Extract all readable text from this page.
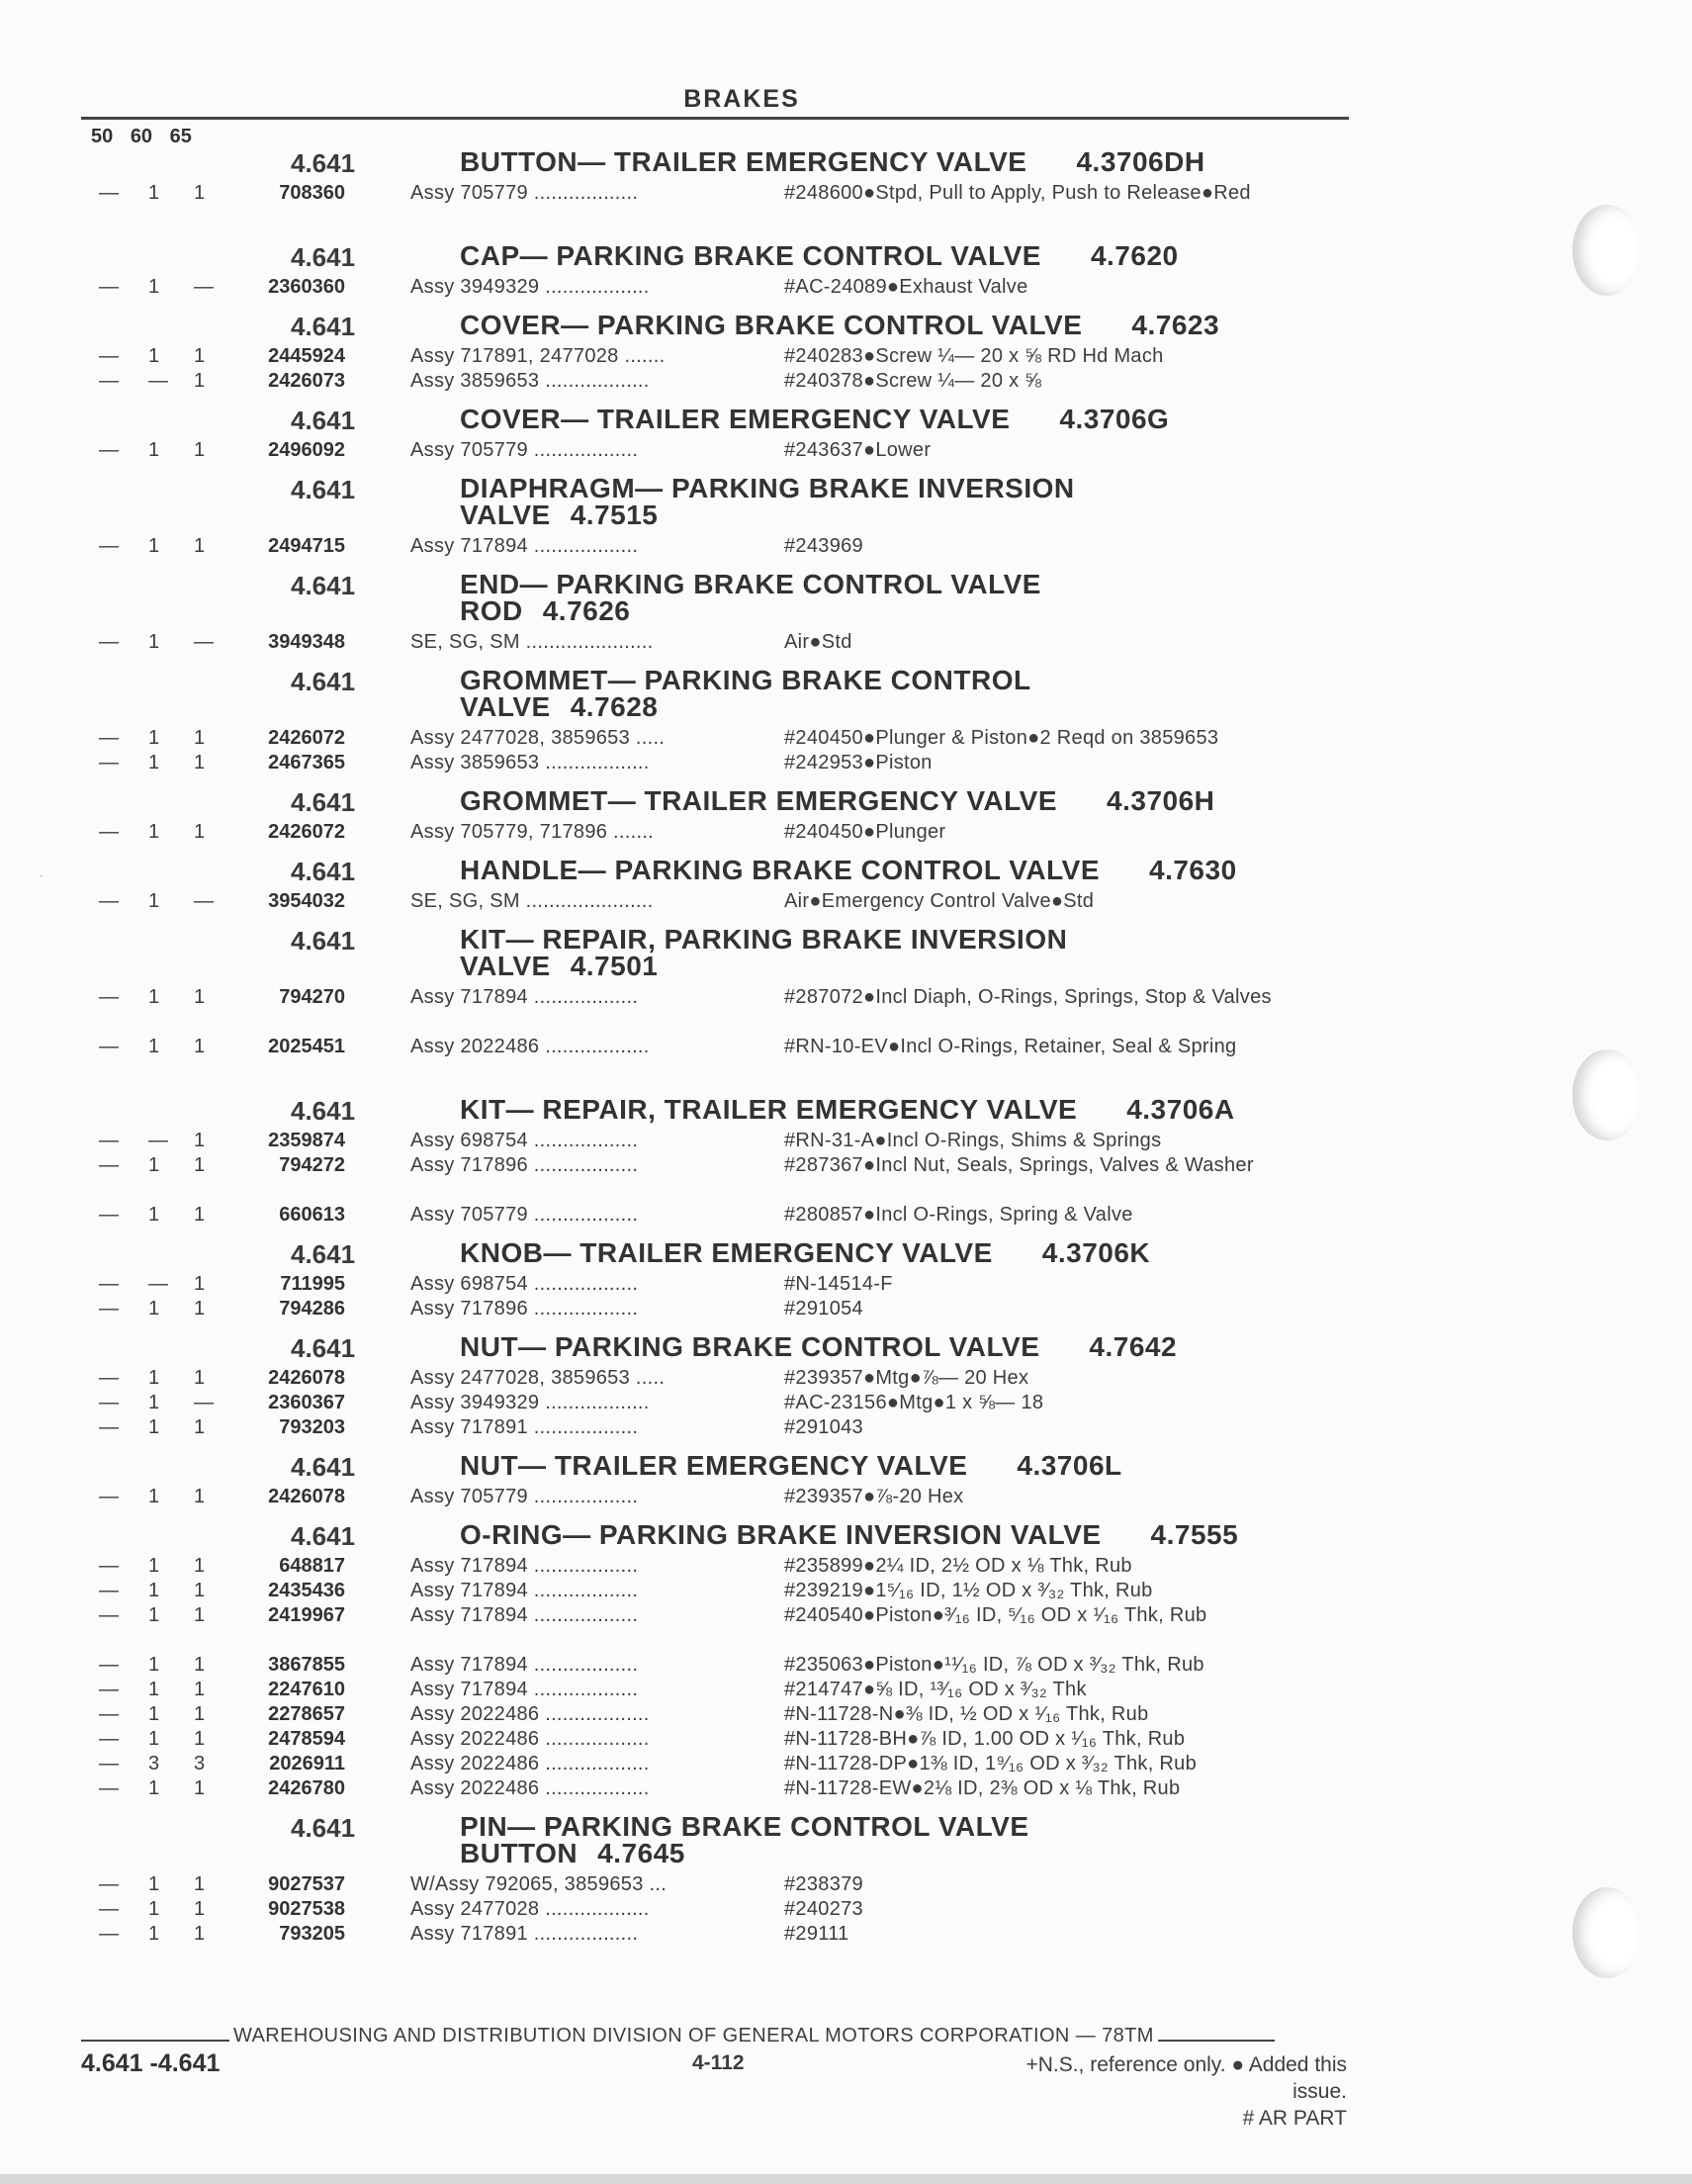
BRAKES
50 60 65
4.641	BUTTON— TRAILER EMERGENCY VALVE 4.3706DH
— 1 1	708360	Assy 705779 ..................	#248600●Stpd, Pull to Apply, Push to Release●Red
4.641	CAP— PARKING BRAKE CONTROL VALVE 4.7620
— 1 —	2360360	Assy 3949329 ..................	#AC-24089●Exhaust Valve
4.641	COVER— PARKING BRAKE CONTROL VALVE 4.7623
— 1 1	2445924	Assy 717891, 2477028 .......	#240283●Screw ¼— 20 x ⅝ RD Hd Mach
— — 1	2426073	Assy 3859653 ..................	#240378●Screw ¼— 20 x ⅝
4.641	COVER— TRAILER EMERGENCY VALVE 4.3706G
— 1 1	2496092	Assy 705779 ..................	#243637●Lower
4.641	DIAPHRAGM— PARKING BRAKE INVERSION
VALVE 4.7515
— 1 1	2494715	Assy 717894 ..................	#243969
4.641	END— PARKING BRAKE CONTROL VALVE
ROD 4.7626
— 1 —	3949348	SE, SG, SM ......................	Air●Std
4.641	GROMMET— PARKING BRAKE CONTROL
VALVE 4.7628
— 1 1	2426072	Assy 2477028, 3859653 .....	#240450●Plunger & Piston●2 Reqd on 3859653
— 1 1	2467365	Assy 3859653 ..................	#242953●Piston
4.641	GROMMET— TRAILER EMERGENCY VALVE 4.3706H
— 1 1	2426072	Assy 705779, 717896 .......	#240450●Plunger
4.641	HANDLE— PARKING BRAKE CONTROL VALVE 4.7630
— 1 —	3954032	SE, SG, SM ......................	Air●Emergency Control Valve●Std
4.641	KIT— REPAIR, PARKING BRAKE INVERSION
VALVE 4.7501
— 1 1	794270	Assy 717894 ..................	#287072●Incl Diaph, O-Rings, Springs, Stop & Valves
— 1 1	2025451	Assy 2022486 ..................	#RN-10-EV●Incl O-Rings, Retainer, Seal & Spring
4.641	KIT— REPAIR, TRAILER EMERGENCY VALVE 4.3706A
— — 1	2359874	Assy 698754 ..................	#RN-31-A●Incl O-Rings, Shims & Springs
— 1 1	794272	Assy 717896 ..................	#287367●Incl Nut, Seals, Springs, Valves & Washer
— 1 1	660613	Assy 705779 ..................	#280857●Incl O-Rings, Spring & Valve
4.641	KNOB— TRAILER EMERGENCY VALVE 4.3706K
— — 1	711995	Assy 698754 ..................	#N-14514-F
— 1 1	794286	Assy 717896 ..................	#291054
4.641	NUT— PARKING BRAKE CONTROL VALVE 4.7642
— 1 1	2426078	Assy 2477028, 3859653 .....	#239357●Mtg●⅞— 20 Hex
— 1 —	2360367	Assy 3949329 ..................	#AC-23156●Mtg●1 x ⅝— 18
— 1 1	793203	Assy 717891 ..................	#291043
4.641	NUT— TRAILER EMERGENCY VALVE 4.3706L
— 1 1	2426078	Assy 705779 ..................	#239357●⅞-20 Hex
4.641	O-RING— PARKING BRAKE INVERSION VALVE 4.7555
— 1 1	648817	Assy 717894 ..................	#235899●2¼ ID, 2½ OD x ⅛ Thk, Rub
— 1 1	2435436	Assy 717894 ..................	#239219●1⁵⁄₁₆ ID, 1½ OD x ³⁄₃₂ Thk, Rub
— 1 1	2419967	Assy 717894 ..................	#240540●Piston●³⁄₁₆ ID, ⁵⁄₁₆ OD x ¹⁄₁₆ Thk, Rub
— 1 1	3867855	Assy 717894 ..................	#235063●Piston●¹¹⁄₁₆ ID, ⅞ OD x ³⁄₃₂ Thk, Rub
— 1 1	2247610	Assy 717894 ..................	#214747●⅝ ID, ¹³⁄₁₆ OD x ³⁄₃₂ Thk
— 1 1	2278657	Assy 2022486 ..................	#N-11728-N●⅜ ID, ½ OD x ¹⁄₁₆ Thk, Rub
— 1 1	2478594	Assy 2022486 ..................	#N-11728-BH●⅞ ID, 1.00 OD x ¹⁄₁₆ Thk, Rub
— 3 3	2026911	Assy 2022486 ..................	#N-11728-DP●1⅜ ID, 1⁹⁄₁₆ OD x ³⁄₃₂ Thk, Rub
— 1 1	2426780	Assy 2022486 ..................	#N-11728-EW●2⅛ ID, 2⅜ OD x ⅛ Thk, Rub
4.641	PIN— PARKING BRAKE CONTROL VALVE
BUTTON 4.7645
— 1 1	9027537	W/Assy 792065, 3859653 ...	#238379
— 1 1	9027538	Assy 2477028 ..................	#240273
— 1 1	793205	Assy 717891 ..................	#29111
·
WAREHOUSING AND DISTRIBUTION DIVISION OF GENERAL MOTORS CORPORATION — 78TM
4.641 -4.641	4-112	+N.S., reference only. ● Added this issue.
# AR PART
